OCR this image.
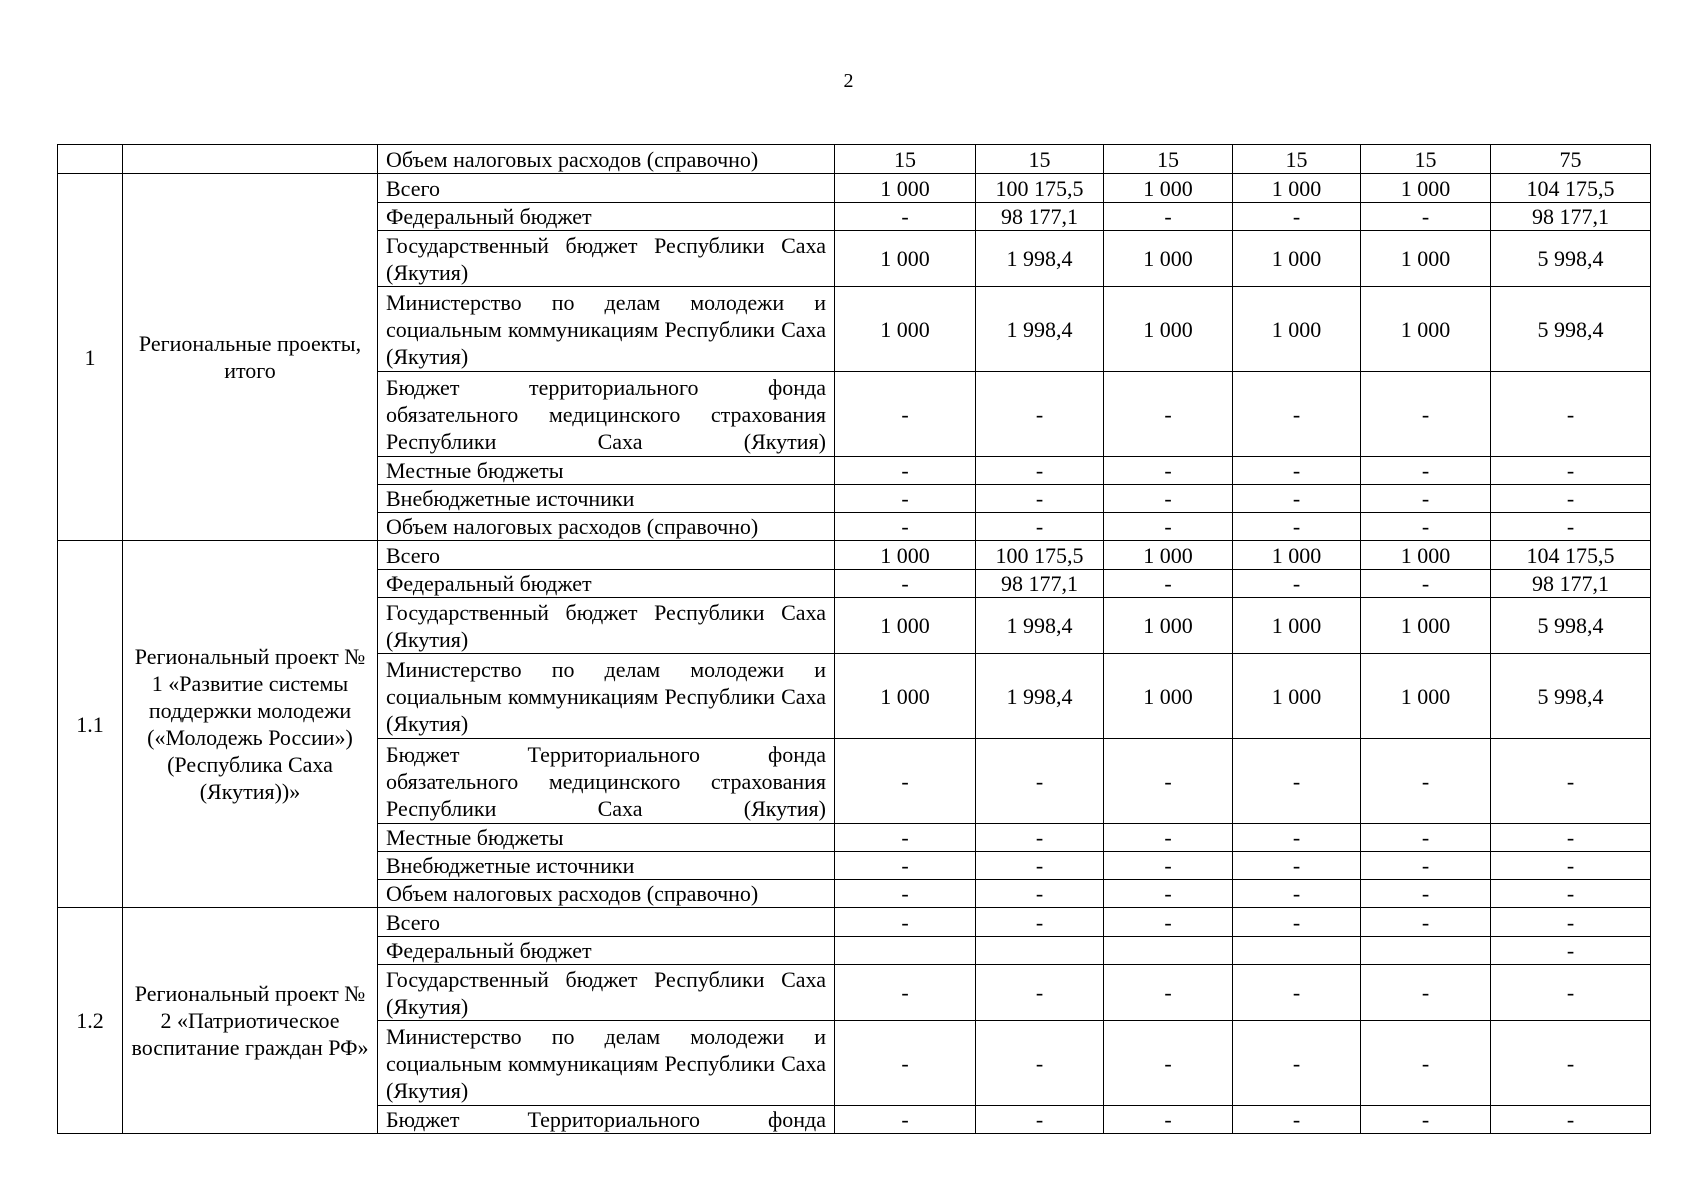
2
		Объем налоговых расходов (справочно)	15	15	15	15	15	75
1	Региональные проекты, итого	Всего	1 000	100 175,5	1 000	1 000	1 000	104 175,5
		Федеральный бюджет	-	98 177,1	-	-	-	98 177,1
		Государственный бюджет Республики Саха (Якутия)	1 000	1 998,4	1 000	1 000	1 000	5 998,4
		Министерство по делам молодежи и социальным коммуникациям Республики Саха (Якутия)	1 000	1 998,4	1 000	1 000	1 000	5 998,4
		Бюджет территориального фонда обязательного медицинского страхования Республики Саха (Якутия)	-	-	-	-	-	-
		Местные бюджеты	-	-	-	-	-	-
		Внебюджетные источники	-	-	-	-	-	-
		Объем налоговых расходов (справочно)	-	-	-	-	-	-
1.1	Региональный проект № 1 «Развитие системы поддержки молодежи («Молодежь России») (Республика Саха (Якутия))»	Всего	1 000	100 175,5	1 000	1 000	1 000	104 175,5
		Федеральный бюджет	-	98 177,1	-	-	-	98 177,1
		Государственный бюджет Республики Саха (Якутия)	1 000	1 998,4	1 000	1 000	1 000	5 998,4
		Министерство по делам молодежи и социальным коммуникациям Республики Саха (Якутия)	1 000	1 998,4	1 000	1 000	1 000	5 998,4
		Бюджет Территориального фонда обязательного медицинского страхования Республики Саха (Якутия)	-	-	-	-	-	-
		Местные бюджеты	-	-	-	-	-	-
		Внебюджетные источники	-	-	-	-	-	-
		Объем налоговых расходов (справочно)	-	-	-	-	-	-
1.2	Региональный проект № 2 «Патриотическое воспитание граждан РФ»	Всего	-	-	-	-	-	-
		Федеральный бюджет						-
		Государственный бюджет Республики Саха (Якутия)	-	-	-	-	-	-
		Министерство по делам молодежи и социальным коммуникациям Республики Саха (Якутия)	-	-	-	-	-	-
		Бюджет Территориального фонда	-	-	-	-	-	-
